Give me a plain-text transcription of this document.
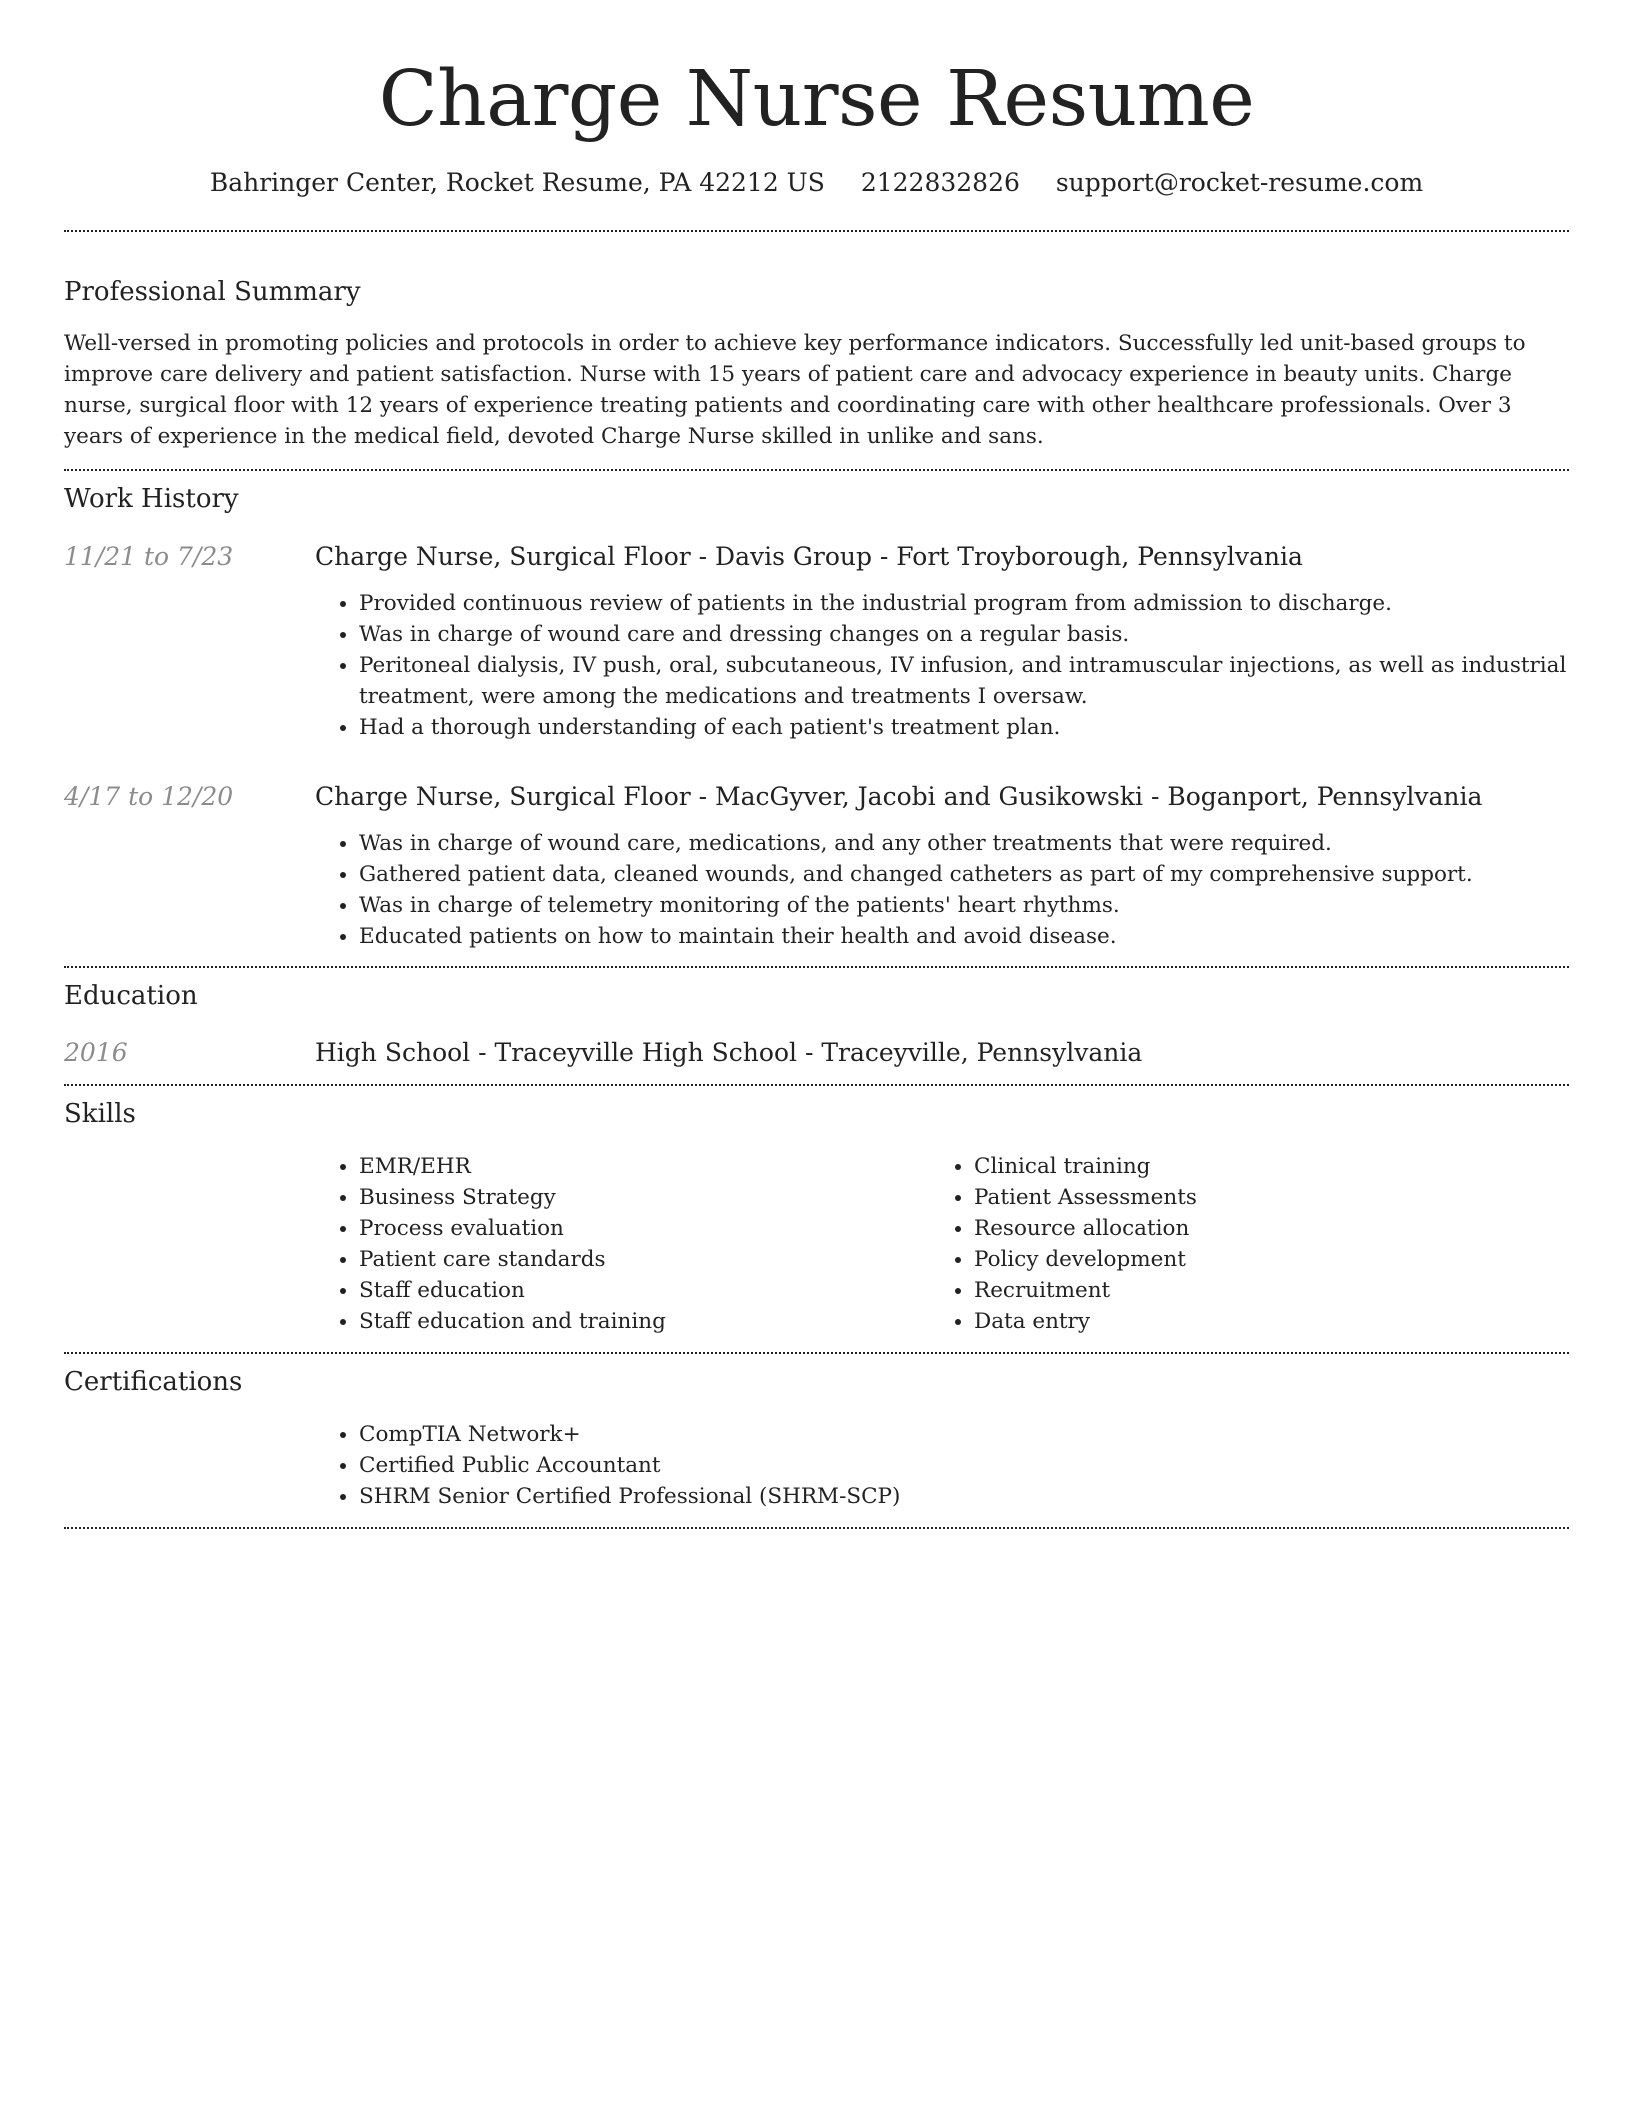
Charge Nurse Resume
Bahringer Center, Rocket Resume, PA 42212 US 2122832826 support@rocket-resume.com
Professional Summary

Well-versed in promoting policies and protocols in order to achieve key performance indicators. Successfully led unit-based groups to improve care delivery and patient satisfaction. Nurse with 15 years of patient care and advocacy experience in beauty units. Charge nurse, surgical floor with 12 years of experience treating patients and coordinating care with other healthcare professionals. Over 3 years of experience in the medical field, devoted Charge Nurse skilled in unlike and sans.

Work History
11/21 to 7/23	Charge Nurse, Surgical Floor - Davis Group - Fort Troyborough, Pennsylvania

• Provided continuous review of patients in the industrial program from admission to discharge.
• Was in charge of wound care and dressing changes on a regular basis.
• Peritoneal dialysis, IV push, oral, subcutaneous, IV infusion, and intramuscular injections, as well as industrial treatment, were among the medications and treatments I oversaw.
• Had a thorough understanding of each patient's treatment plan.
4/17 to 12/20	Charge Nurse, Surgical Floor - MacGyver, Jacobi and Gusikowski - Boganport, Pennsylvania

• Was in charge of wound care, medications, and any other treatments that were required.
• Gathered patient data, cleaned wounds, and changed catheters as part of my comprehensive support.
• Was in charge of telemetry monitoring of the patients' heart rhythms.
• Educated patients on how to maintain their health and avoid disease.
Education
2016	High School - Traceyville High School - Traceyville, Pennsylvania

Skills
• EMR/EHR
• Business Strategy
• Process evaluation
• Patient care standards
• Staff education
• Staff education and training
• Clinical training
• Patient Assessments
• Resource allocation
• Policy development
• Recruitment
• Data entry
Certifications
• CompTIA Network+
• Certified Public Accountant
• SHRM Senior Certified Professional (SHRM-SCP)
